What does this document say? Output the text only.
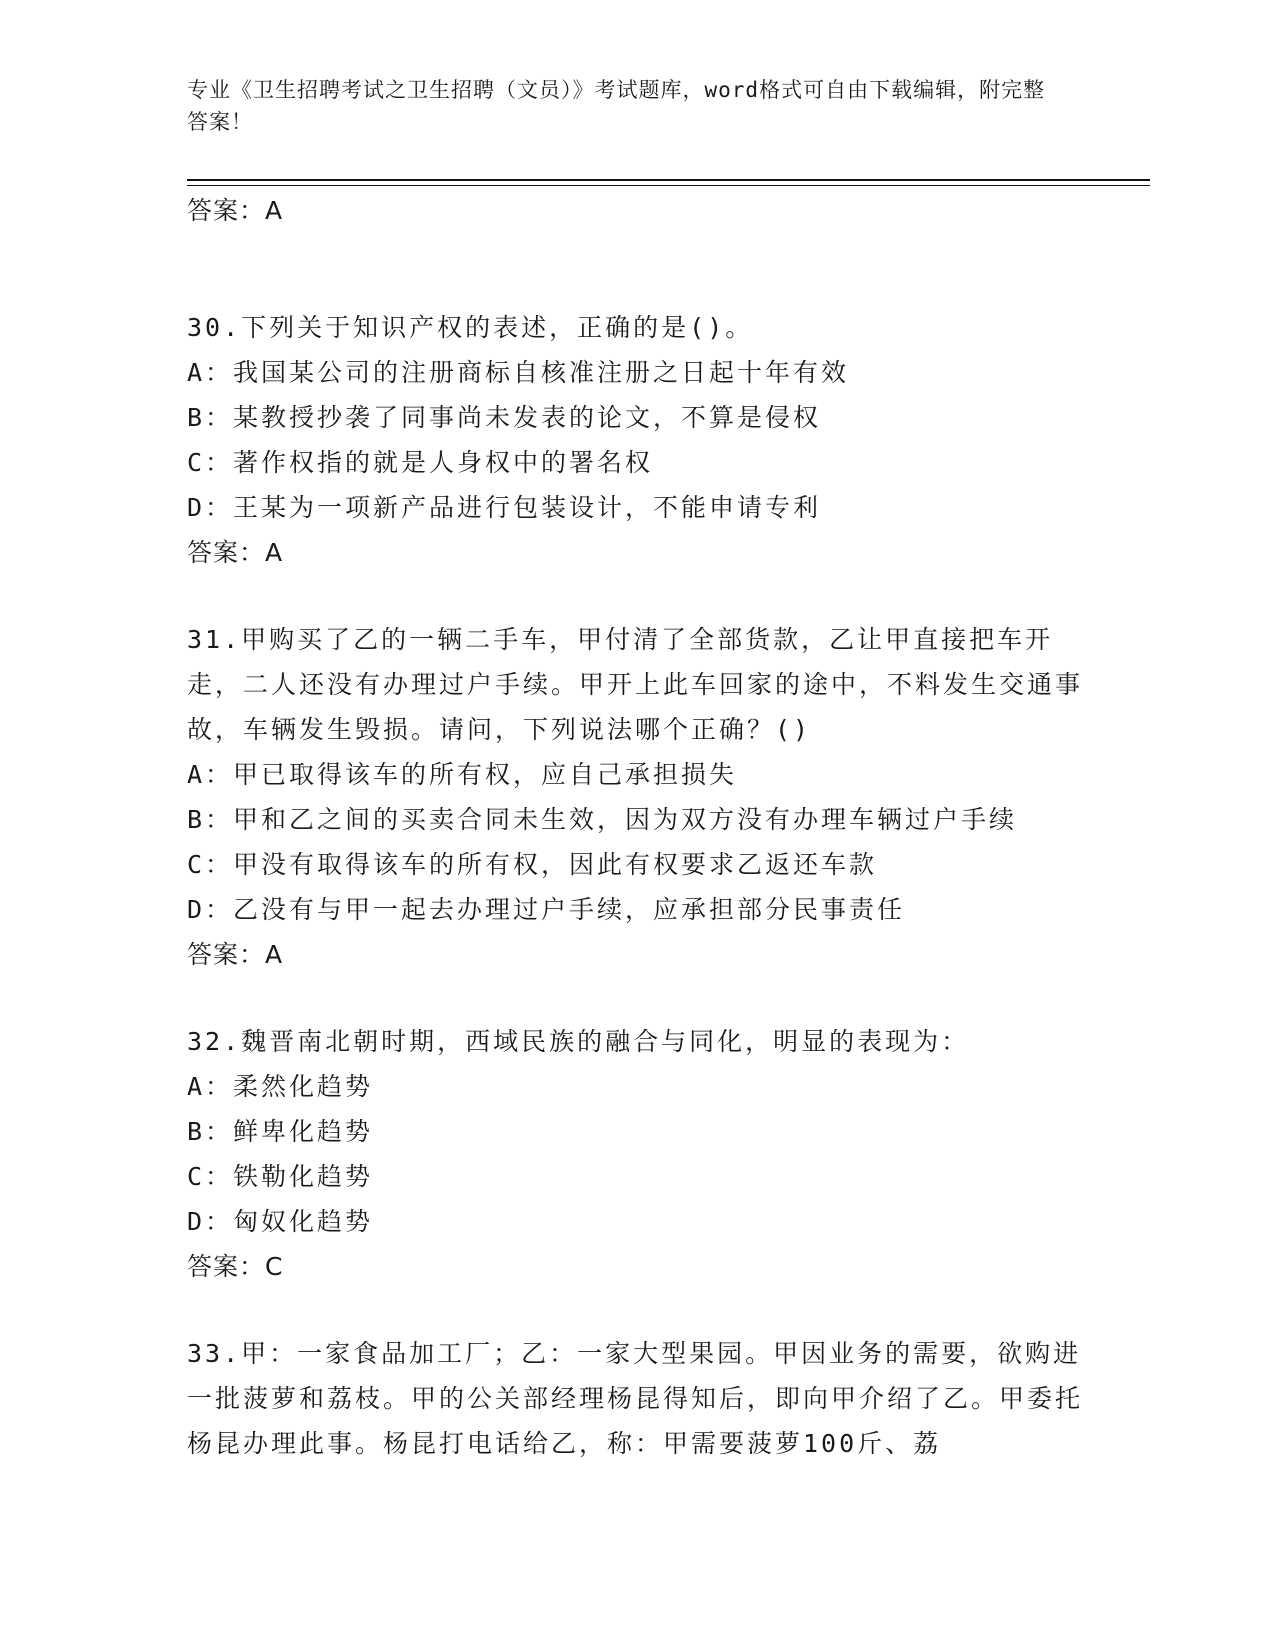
专业《卫生招聘考试之卫生招聘（文员）》考试题库，word格式可自由下载编辑，附完整答案！
答案：A
30.下列关于知识产权的表述，正确的是()。
A：我国某公司的注册商标自核准注册之日起十年有效
B：某教授抄袭了同事尚未发表的论文，不算是侵权
C：著作权指的就是人身权中的署名权
D：王某为一项新产品进行包装设计，不能申请专利
答案：A
31.甲购买了乙的一辆二手车，甲付清了全部货款，乙让甲直接把车开走，二人还没有办理过户手续。甲开上此车回家的途中，不料发生交通事故，车辆发生毁损。请问，下列说法哪个正确？()
A：甲已取得该车的所有权，应自己承担损失
B：甲和乙之间的买卖合同未生效，因为双方没有办理车辆过户手续
C：甲没有取得该车的所有权，因此有权要求乙返还车款
D：乙没有与甲一起去办理过户手续，应承担部分民事责任
答案：A
32.魏晋南北朝时期，西域民族的融合与同化，明显的表现为：
A：柔然化趋势
B：鲜卑化趋势
C：铁勒化趋势
D：匈奴化趋势
答案：C
33.甲：一家食品加工厂；乙：一家大型果园。甲因业务的需要，欲购进一批菠萝和荔枝。甲的公关部经理杨昆得知后，即向甲介绍了乙。甲委托杨昆办理此事。杨昆打电话给乙，称：甲需要菠萝100斤、荔
